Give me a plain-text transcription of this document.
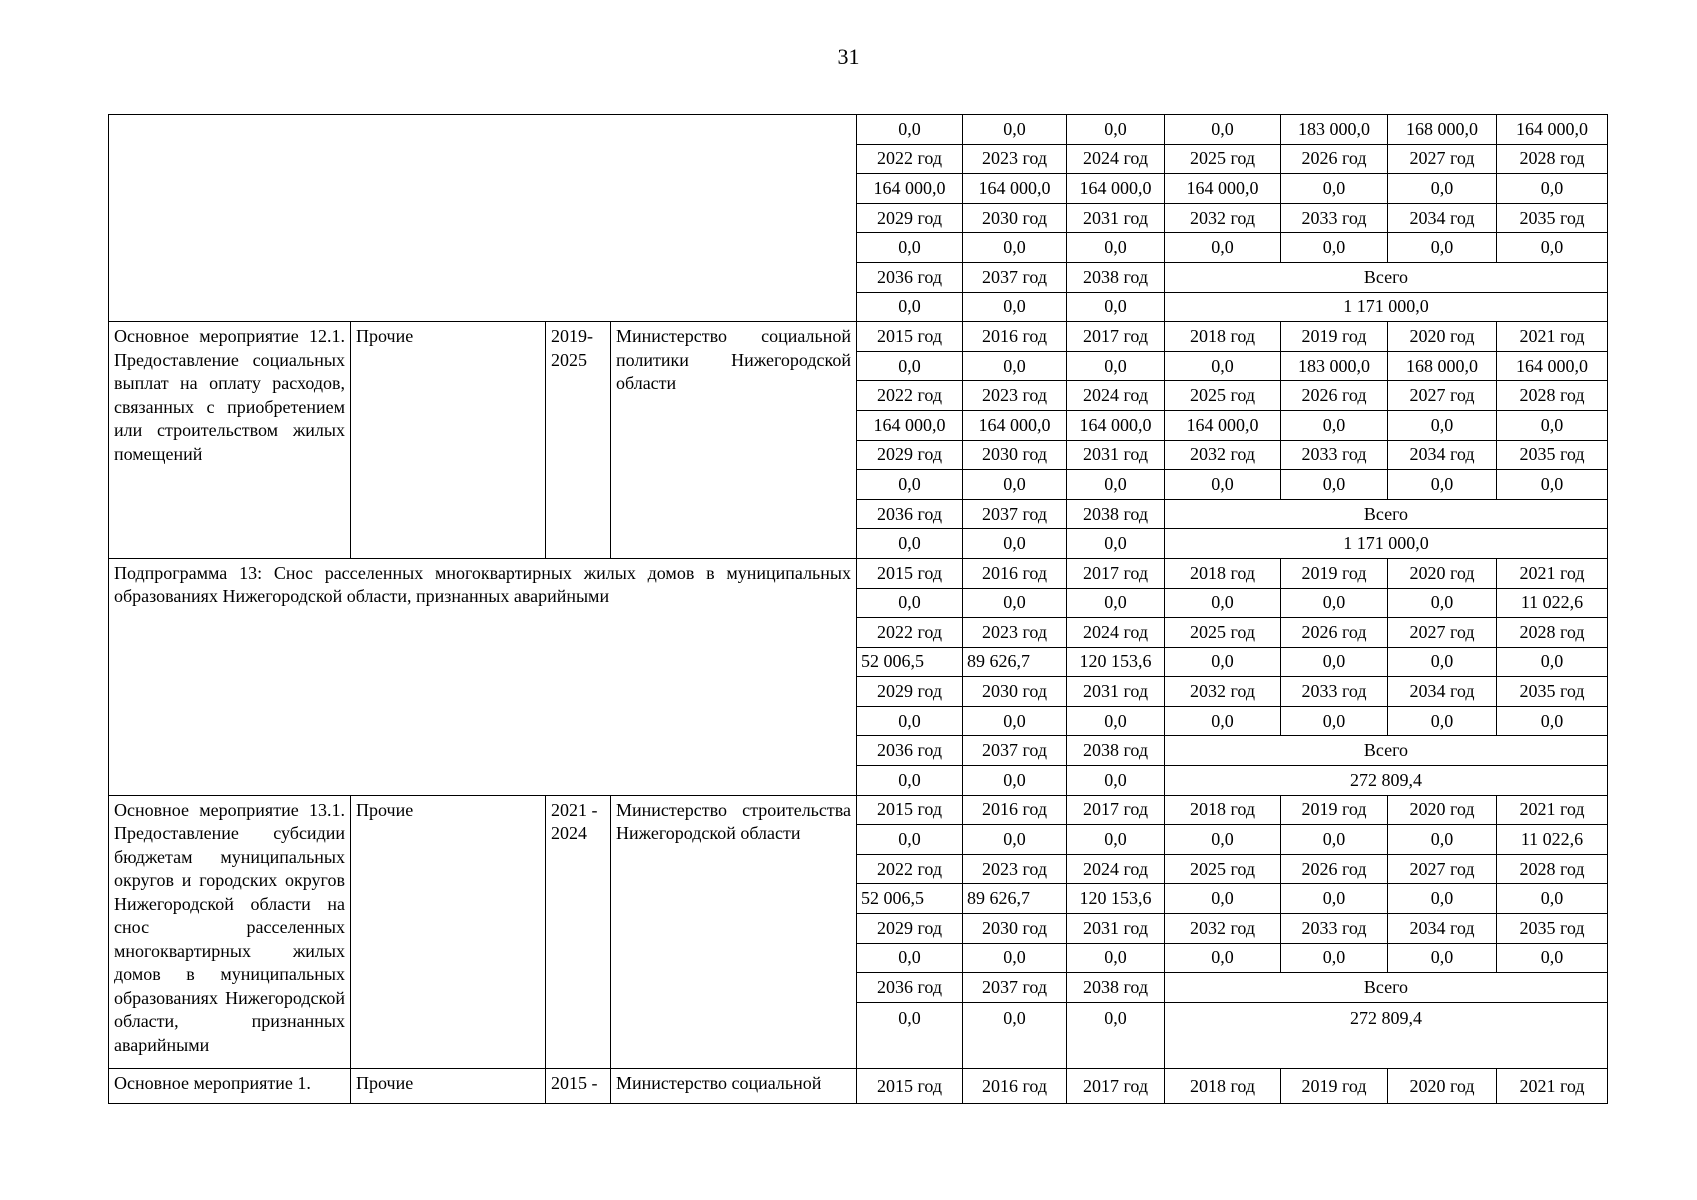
31
				0,0	0,0	0,0	0,0	183 000,0	168 000,0	164 000,0
				2022 год	2023 год	2024 год	2025 год	2026 год	2027 год	2028 год
				164 000,0	164 000,0	164 000,0	164 000,0	0,0	0,0	0,0
				2029 год	2030 год	2031 год	2032 год	2033 год	2034 год	2035 год
				0,0	0,0	0,0	0,0	0,0	0,0	0,0
				2036 год	2037 год	2038 год	Всего			
				0,0	0,0	0,0	1 171 000,0			
Основное мероприятие 12.1. Предоставление социальных выплат на оплату расходов, связанных с приобретением или строительством жилых помещений	Прочие	2019-2025	Министерство социальной политики Нижегородской области	2015 год	2016 год	2017 год	2018 год	2019 год	2020 год	2021 год
				0,0	0,0	0,0	0,0	183 000,0	168 000,0	164 000,0
				2022 год	2023 год	2024 год	2025 год	2026 год	2027 год	2028 год
				164 000,0	164 000,0	164 000,0	164 000,0	0,0	0,0	0,0
				2029 год	2030 год	2031 год	2032 год	2033 год	2034 год	2035 год
				0,0	0,0	0,0	0,0	0,0	0,0	0,0
				2036 год	2037 год	2038 год	Всего			
				0,0	0,0	0,0	1 171 000,0			
Подпрограмма 13: Снос расселенных многоквартирных жилых домов в муниципальных образованиях Нижегородской области, признанных аварийными				2015 год	2016 год	2017 год	2018 год	2019 год	2020 год	2021 год
				0,0	0,0	0,0	0,0	0,0	0,0	11 022,6
				2022 год	2023 год	2024 год	2025 год	2026 год	2027 год	2028 год
				52 006,5	89 626,7	120 153,6	0,0	0,0	0,0	0,0
				2029 год	2030 год	2031 год	2032 год	2033 год	2034 год	2035 год
				0,0	0,0	0,0	0,0	0,0	0,0	0,0
				2036 год	2037 год	2038 год	Всего			
				0,0	0,0	0,0	272 809,4			
Основное мероприятие 13.1. Предоставление субсидии бюджетам муниципальных округов и городских округов Нижегородской области на снос расселенных многоквартирных жилых домов в муниципальных образованиях Нижегородской области, признанных аварийными	Прочие	2021 - 2024	Министерство строительства Нижегородской области	2015 год	2016 год	2017 год	2018 год	2019 год	2020 год	2021 год
				0,0	0,0	0,0	0,0	0,0	0,0	11 022,6
				2022 год	2023 год	2024 год	2025 год	2026 год	2027 год	2028 год
				52 006,5	89 626,7	120 153,6	0,0	0,0	0,0	0,0
				2029 год	2030 год	2031 год	2032 год	2033 год	2034 год	2035 год
				0,0	0,0	0,0	0,0	0,0	0,0	0,0
				2036 год	2037 год	2038 год	Всего			
				0,0	0,0	0,0	272 809,4			
Основное мероприятие 1.	Прочие	2015 -	Министерство социальной	2015 год	2016 год	2017 год	2018 год	2019 год	2020 год	2021 год
